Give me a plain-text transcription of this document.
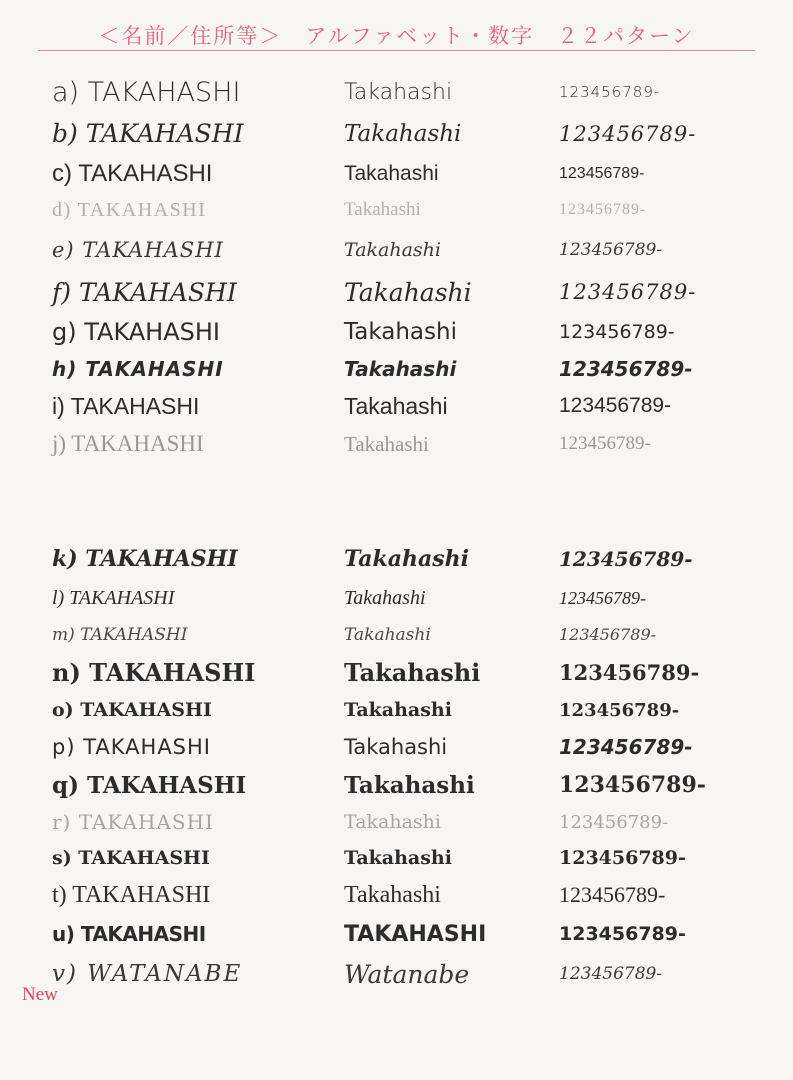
＜名前／住所等＞　アルファベット・数字　２２パターン
a) TAKAHASHI	Takahashi	123456789-
b) TAKAHASHI	Takahashi	123456789-
c) TAKAHASHI	Takahashi	123456789-
d) TAKAHASHI	Takahashi	123456789-
e) TAKAHASHI	Takahashi	123456789-
f) TAKAHASHI	Takahashi	123456789-
g) TAKAHASHI	Takahashi	123456789-
h) TAKAHASHI	Takahashi	123456789-
i) TAKAHASHI	Takahashi	123456789-
j) TAKAHASHI	Takahashi	123456789-
k) TAKAHASHI	Takahashi	123456789-
l) TAKAHASHI	Takahashi	123456789-
m) TAKAHASHI	Takahashi	123456789-
n) TAKAHASHI	Takahashi	123456789-
o) TAKAHASHI	Takahashi	123456789-
p) TAKAHASHI	Takahashi	123456789-
q) TAKAHASHI	Takahashi	123456789-
r) TAKAHASHI	Takahashi	123456789-
s) TAKAHASHI	Takahashi	123456789-
t) TAKAHASHI	Takahashi	123456789-
u) TAKAHASHI	TAKAHASHI	123456789-
v) WATANABE	Watanabe	123456789-
New
